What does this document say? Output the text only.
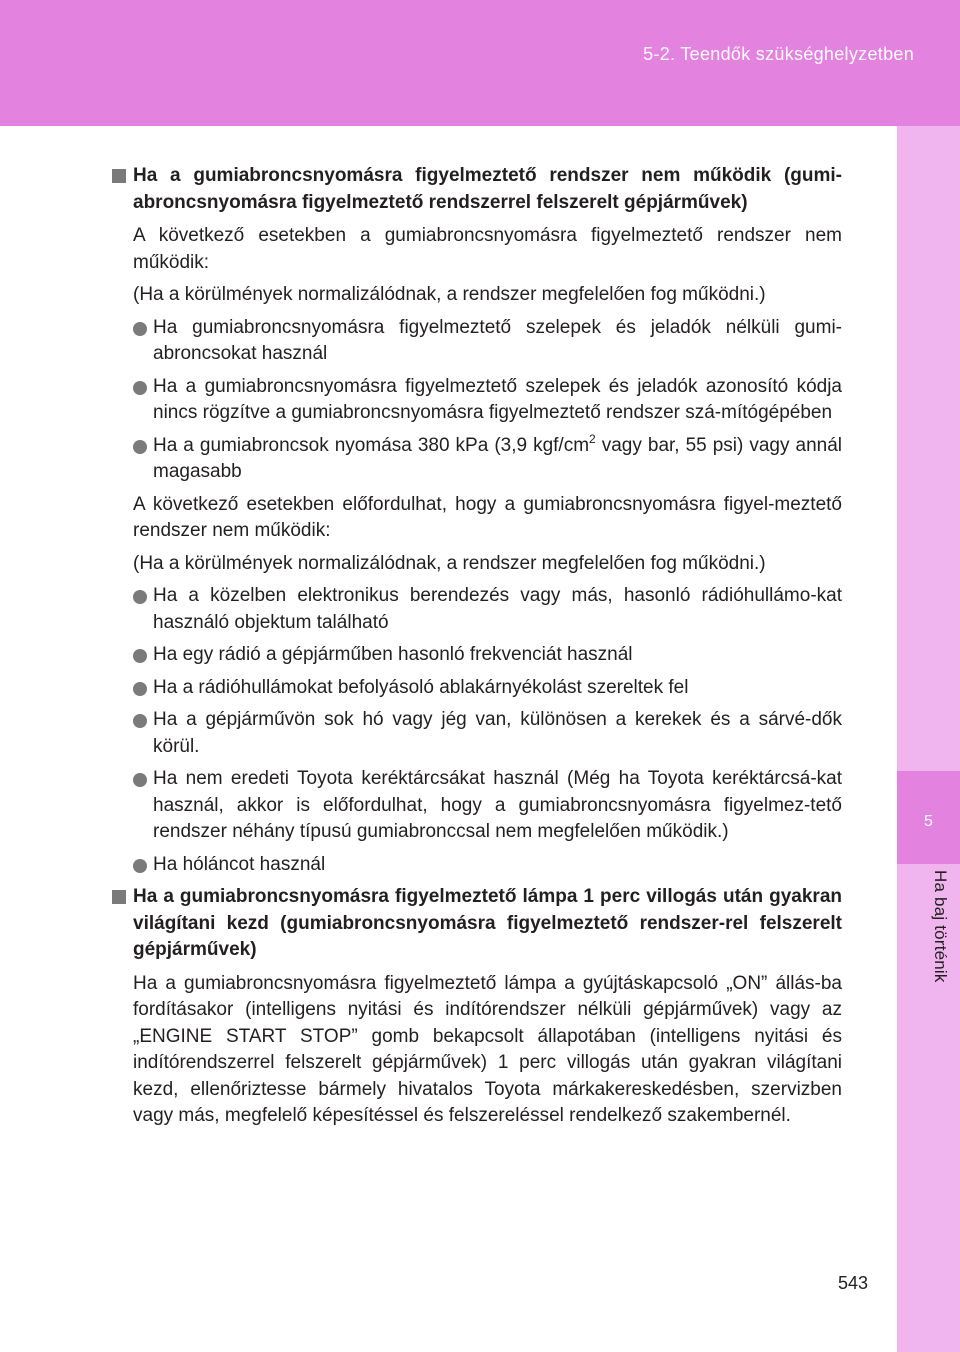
5-2. Teendők szükséghelyzetben
5
Ha baj történik
Ha a gumiabroncsnyomásra figyelmeztető rendszer nem működik (gumi-abroncsnyomásra figyelmeztető rendszerrel felszerelt gépjárművek)
A következő esetekben a gumiabroncsnyomásra figyelmeztető rendszer nem működik:
(Ha a körülmények normalizálódnak, a rendszer megfelelően fog működni.)
Ha gumiabroncsnyomásra figyelmeztető szelepek és jeladók nélküli gumi-abroncsokat használ
Ha a gumiabroncsnyomásra figyelmeztető szelepek és jeladók azonosító kódja nincs rögzítve a gumiabroncsnyomásra figyelmeztető rendszer szá-mítógépében
Ha a gumiabroncsok nyomása 380 kPa (3,9 kgf/$cm^2$ vagy bar, 55 psi) vagy annál magasabb
A következő esetekben előfordulhat, hogy a gumiabroncsnyomásra figyel-meztető rendszer nem működik:
(Ha a körülmények normalizálódnak, a rendszer megfelelően fog működni.)
Ha a közelben elektronikus berendezés vagy más, hasonló rádióhullámo-kat használó objektum található
Ha egy rádió a gépjárműben hasonló frekvenciát használ
Ha a rádióhullámokat befolyásoló ablakárnyékolást szereltek fel
Ha a gépjárművön sok hó vagy jég van, különösen a kerekek és a sárvé-dők körül.
Ha nem eredeti Toyota keréktárcsákat használ (Még ha Toyota keréktárcsá-kat használ, akkor is előfordulhat, hogy a gumiabroncsnyomásra figyelmez-tető rendszer néhány típusú gumiabronccsal nem megfelelően működik.)
Ha hóláncot használ
Ha a gumiabroncsnyomásra figyelmeztető lámpa 1 perc villogás után gyakran világítani kezd (gumiabroncsnyomásra figyelmeztető rendszer-rel felszerelt gépjárművek)
Ha a gumiabroncsnyomásra figyelmeztető lámpa a gyújtáskapcsoló „ON” állás-ba fordításakor (intelligens nyitási és indítórendszer nélküli gépjárművek) vagy az „ENGINE START STOP” gomb bekapcsolt állapotában (intelligens nyitási és indítórendszerrel felszerelt gépjárművek) 1 perc villogás után gyakran világítani kezd, ellenőriztesse bármely hivatalos Toyota márkakereskedésben, szervizben vagy más, megfelelő képesítéssel és felszereléssel rendelkező szakembernél.
543
